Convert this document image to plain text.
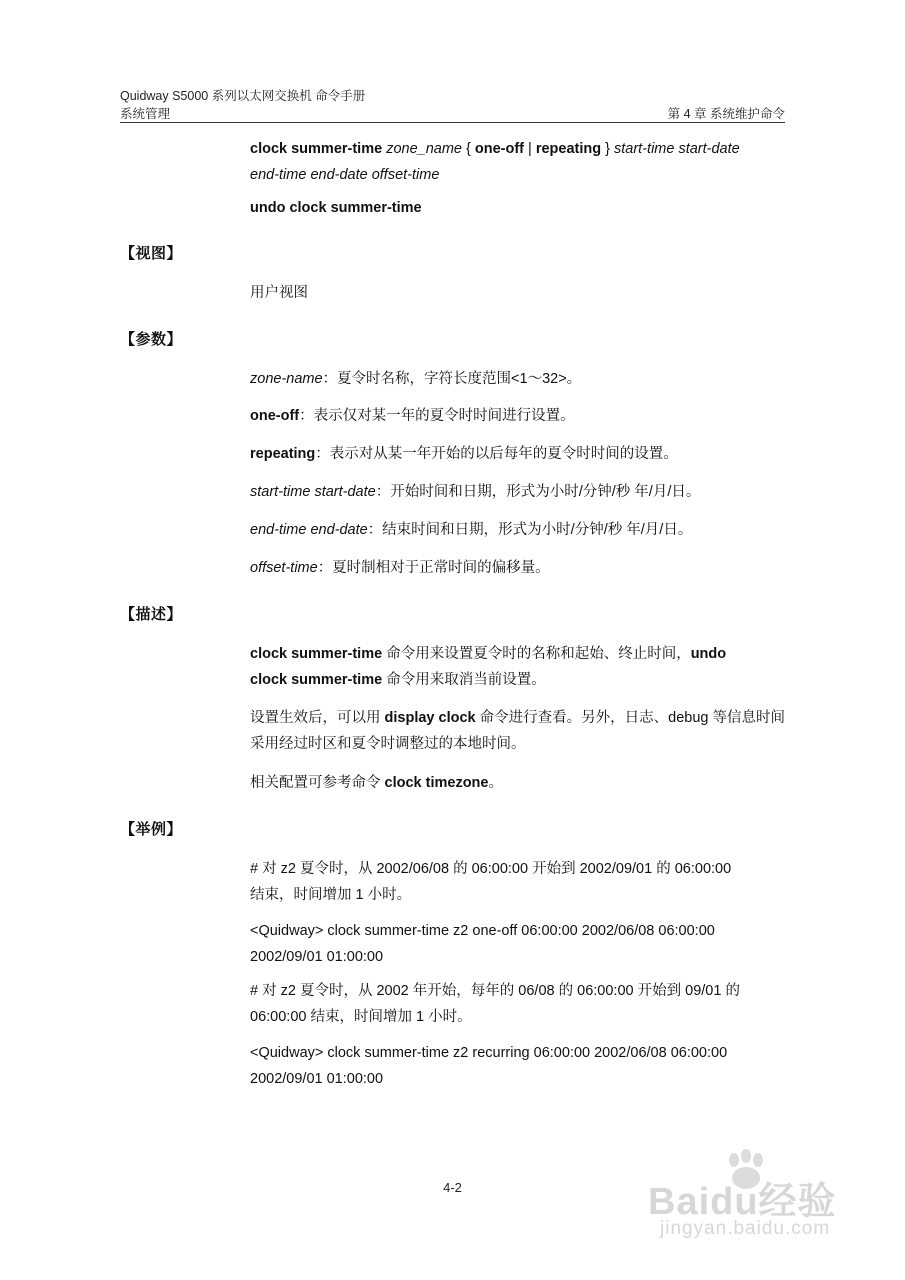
Quidway S5000 系列以太网交换机 命令手册
系统管理	第 4 章 系统维护命令
clock summer-time zone_name { one-off | repeating } start-time start-date
end-time end-date offset-time
undo clock summer-time
【视图】
用户视图
【参数】
zone-name：夏令时名称，字符长度范围<1～32>。
one-off：表示仅对某一年的夏令时时间进行设置。
repeating：表示对从某一年开始的以后每年的夏令时时间的设置。
start-time start-date：开始时间和日期，形式为小时/分钟/秒 年/月/日。
end-time end-date：结束时间和日期，形式为小时/分钟/秒 年/月/日。
offset-time：夏时制相对于正常时间的偏移量。
【描述】
clock summer-time 命令用来设置夏令时的名称和起始、终止时间，undo
clock summer-time 命令用来取消当前设置。
设置生效后，可以用 display clock 命令进行查看。另外，日志、debug 等信息时间采用经过时区和夏令时调整过的本地时间。
相关配置可参考命令 clock timezone。
【举例】
# 对 z2 夏令时，从 2002/06/08 的 06:00:00 开始到 2002/09/01 的 06:00:00
结束，时间增加 1 小时。
<Quidway> clock summer-time z2 one-off 06:00:00 2002/06/08 06:00:00
2002/09/01 01:00:00
# 对 z2 夏令时，从 2002 年开始，每年的 06/08 的 06:00:00 开始到 09/01 的
06:00:00 结束，时间增加 1 小时。
<Quidway> clock summer-time z2 recurring 06:00:00 2002/06/08 06:00:00
2002/09/01 01:00:00
4-2	Baidu经验
jingyan.baidu.com
